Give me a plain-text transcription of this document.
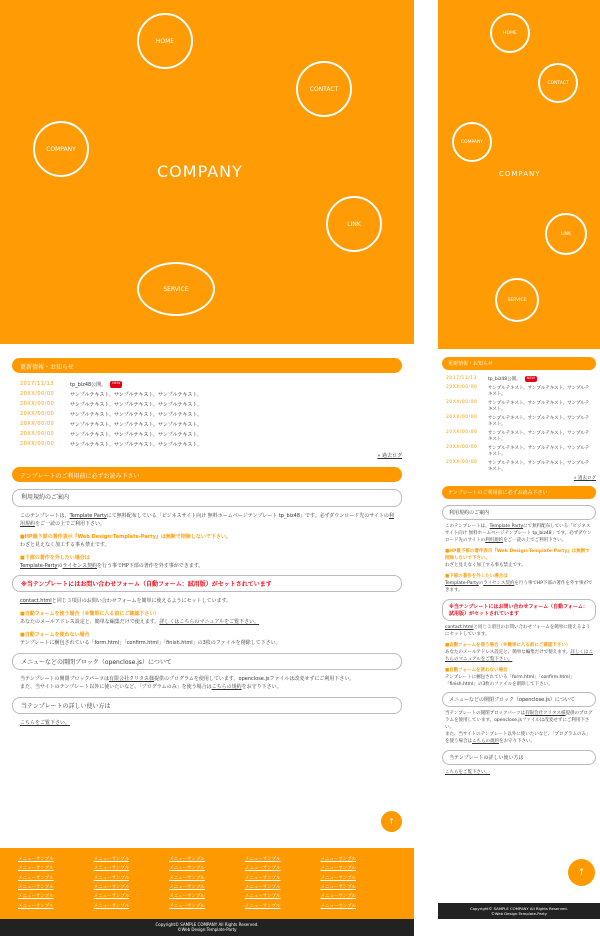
HOME
CONTACT
COMPANY
COMPANY
LINK
SERVICE
更新情報・お知らせ
2017/11/13	tp_biz48公開。	NEW
20XX/00/00	サンプルテキスト。サンプルテキスト。サンプルテキスト。
20XX/00/00	サンプルテキスト。サンプルテキスト。サンプルテキスト。
20XX/00/00	サンプルテキスト。サンプルテキスト。サンプルテキスト。
20XX/00/00	サンプルテキスト。サンプルテキスト。サンプルテキスト。
20XX/00/00	サンプルテキスト。サンプルテキスト。サンプルテキスト。
20XX/00/00	サンプルテキスト。サンプルテキスト。サンプルテキスト。
» 過去ログ
テンプレートのご利用前に必ずお読み下さい
利用規約のご案内

このテンプレートは、Template Partyにて無料配布している「ビジネスサイト向け 無料ホームページテンプレート tp_biz48」です。必ずダウンロード先のサイトの利用規約をご一読の上でご利用下さい。

■HP最下部の著作表示『Web Design:Template-Party』は無断で削除しないで下さい。

わざと見えなく加工する事も禁止です。

■下部の著作を外したい場合は

Template-Partyのライセンス契約を行う事でHP下部の著作を外す事ができます。

※当テンプレートにはお問い合わせフォーム（自動フォーム：試用版）がセットされています

contact.htmlと同じ３項目のお問い合わせフォームを簡単に使えるようにセットしています。

■自動フォームを使う場合（※簡単に入る前にご確認下さい）

あなたのメールアドレス設定と、簡単な編集だけで使えます。詳しくはこちらのマニュアルをご覧下さい。

■自動フォームを使わない場合

テンプレートに梱包されている「form.html」「confirm.html」「finish.html」の3枚のファイルを削除して下さい。

メニューなどの開閉ブロック（openclose.js）について

当テンプレートの開閉ブロックパーツは有限会社クリタス様提供のプログラムを使用しています。openclose.jsファイルは改変せずにご利用下さい。

また、当サイトのテンプレート以外に使いたいなど、「プログラムのみ」を使う場合はこちらの規約をお守り下さい。

当テンプレートの詳しい使い方は
こちらをご覧下さい。
↑
メニューサンプル	メニューサンプル	メニューサンプル	メニューサンプル	メニューサンプル
メニューサンプル	メニューサンプル	メニューサンプル	メニューサンプル	メニューサンプル
メニューサンプル	メニューサンプル	メニューサンプル	メニューサンプル	メニューサンプル
メニューサンプル	メニューサンプル	メニューサンプル	メニューサンプル	メニューサンプル
メニューサンプル	メニューサンプル	メニューサンプル	メニューサンプル	メニューサンプル
メニューサンプル	メニューサンプル	メニューサンプル	メニューサンプル	メニューサンプル
Copyright© SAMPLE COMPANY All Rights Reserved.
©Web Design:Template-Party
HOME
CONTACT
COMPANY
COMPANY
LINK
SERVICE
更新情報・お知らせ
2017/11/13	tp_biz48公開。	NEW
20XX/00/00	サンプルテキスト。サンプルテキスト。サンプルテキスト。
20XX/00/00	サンプルテキスト。サンプルテキスト。サンプルテキスト。
20XX/00/00	サンプルテキスト。サンプルテキスト。サンプルテキスト。
20XX/00/00	サンプルテキスト。サンプルテキスト。サンプルテキスト。
20XX/00/00	サンプルテキスト。サンプルテキスト。サンプルテキスト。
20XX/00/00	サンプルテキスト。サンプルテキスト。サンプルテキスト。
» 過去ログ
テンプレートのご利用前に必ずお読み下さい
利用規約のご案内

このテンプレートは、Template Partyにて無料配布している「ビジネスサイト向け 無料ホームページテンプレート tp_biz48」です。必ずダウンロード先のサイトの利用規約をご一読の上でご利用下さい。

■HP最下部の著作表示『Web Design:Template-Party』は無断で削除しないで下さい。

わざと見えなく加工する事も禁止です。

■下部の著作を外したい場合は

Template-Partyのライセンス契約を行う事でHP下部の著作を外す事ができます。

※当テンプレートにはお問い合わせフォーム（自動フォーム：試用版）がセットされています

contact.htmlと同じ３項目のお問い合わせフォームを簡単に使えるようにセットしています。

■自動フォームを使う場合（※簡単に入る前にご確認下さい）

あなたのメールアドレス設定と、簡単な編集だけで使えます。詳しくはこちらのマニュアルをご覧下さい。

■自動フォームを使わない場合

テンプレートに梱包されている「form.html」「confirm.html」「finish.html」の3枚のファイルを削除して下さい。

メニューなどの開閉ブロック（openclose.js）について

当テンプレートの開閉ブロックパーツは有限会社クリタス様提供のプログラムを使用しています。openclose.jsファイルは改変せずにご利用下さい。

また、当サイトのテンプレート以外に使いたいなど、「プログラムのみ」を使う場合はこちらの規約をお守り下さい。

当テンプレートの詳しい使い方は
こちらをご覧下さい。
↑
Copyright© SAMPLE COMPANY All Rights Reserved.
©Web Design:Template-Party
